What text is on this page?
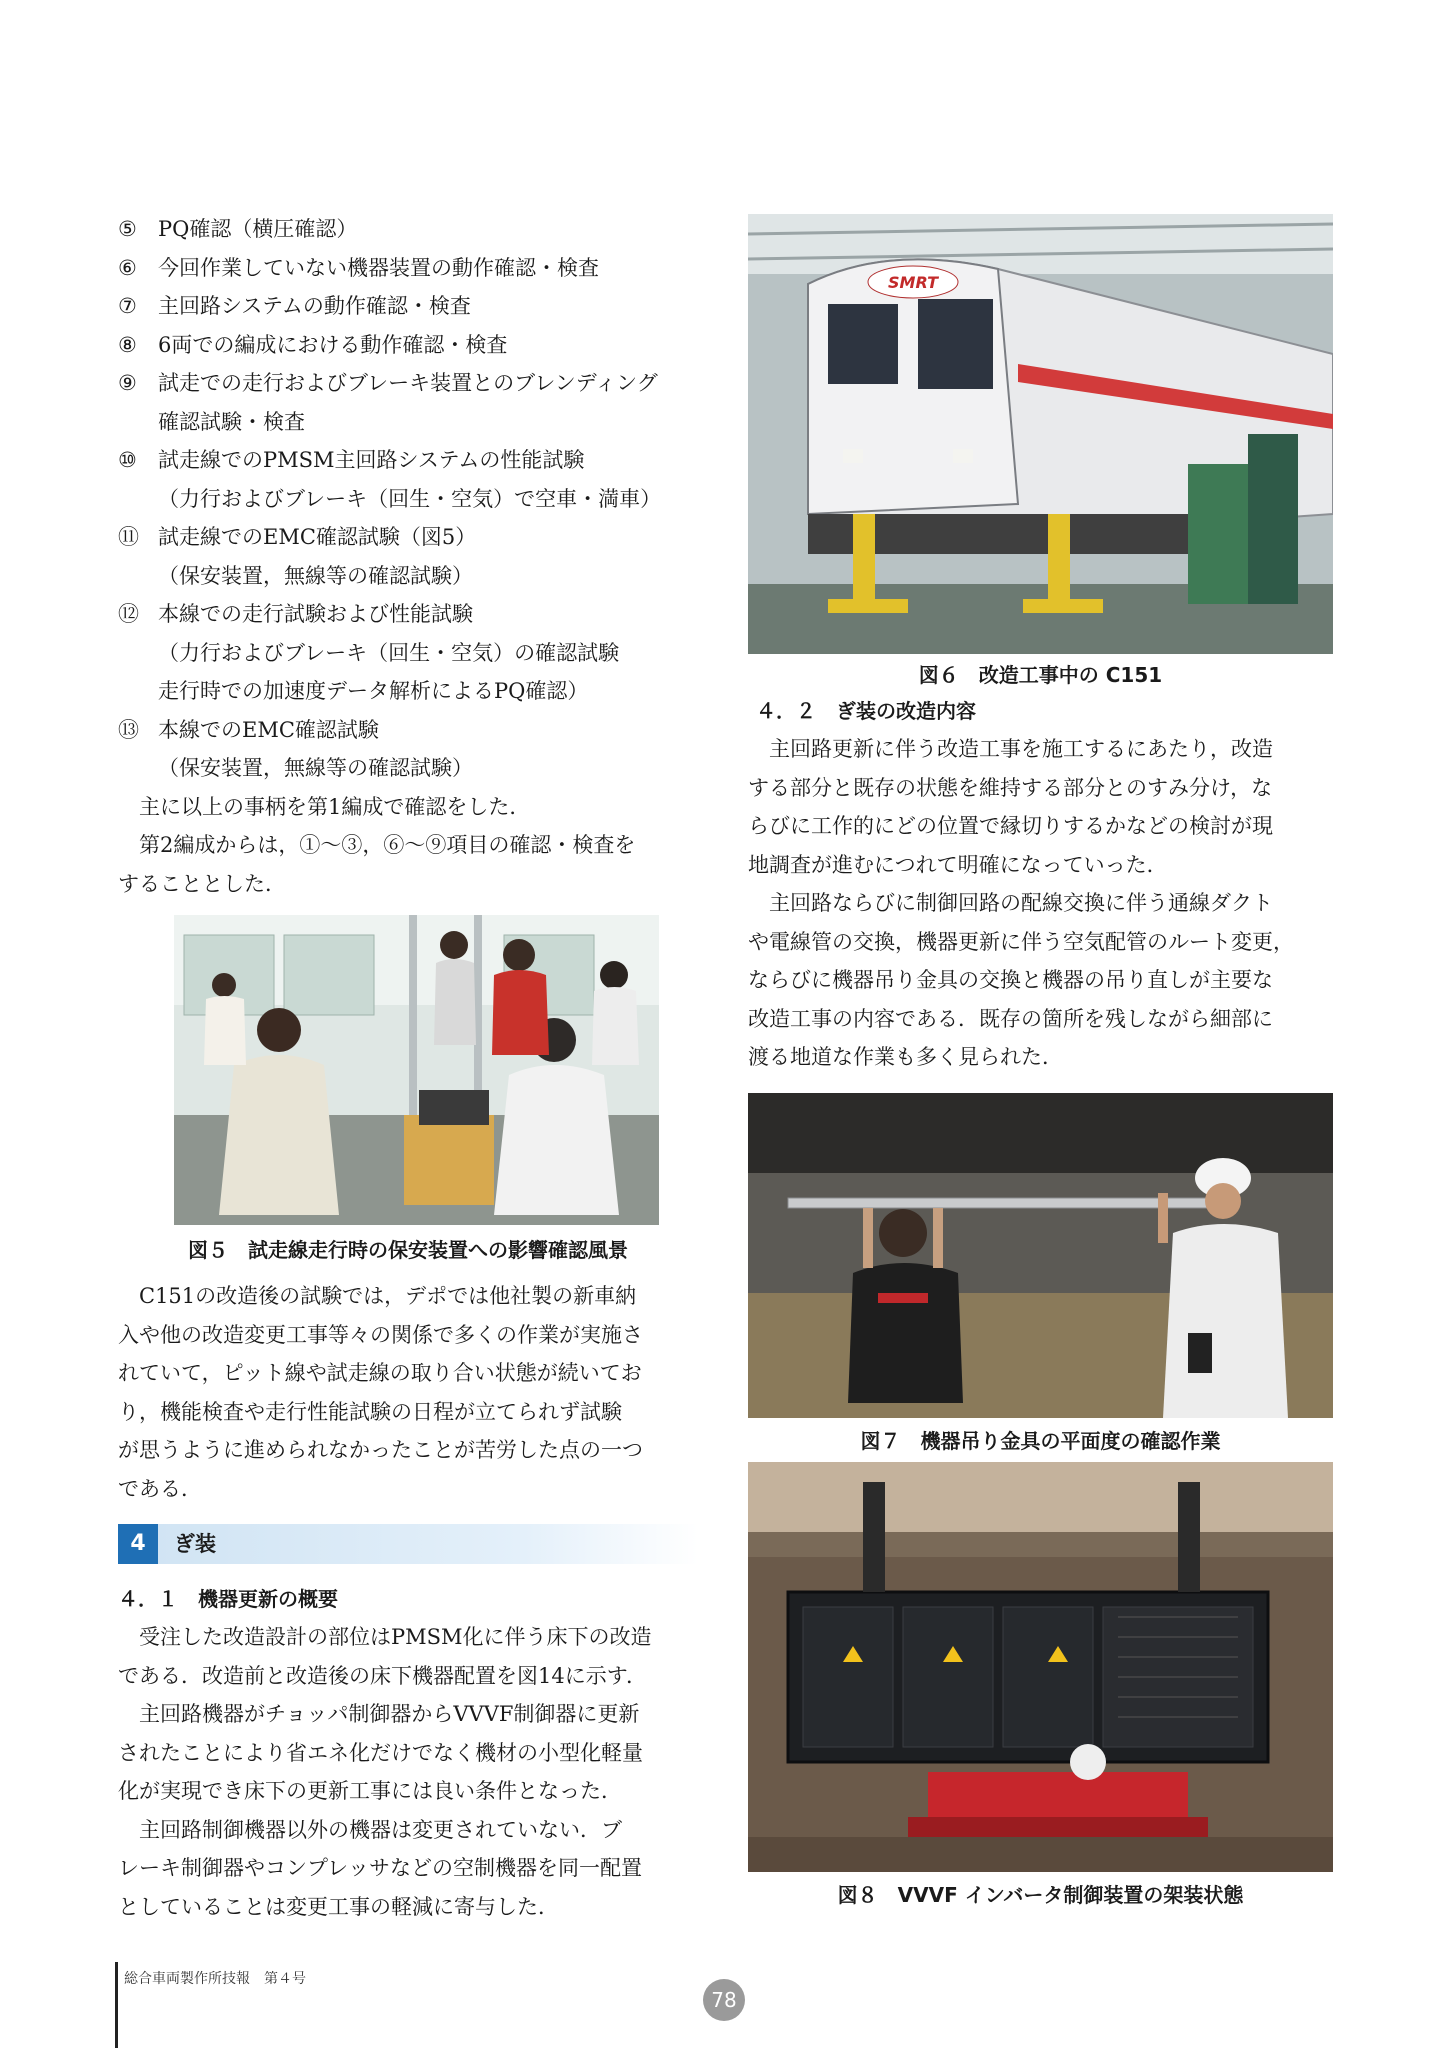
⑤ PQ確認（横圧確認）
⑥ 今回作業していない機器装置の動作確認・検査
⑦ 主回路システムの動作確認・検査
⑧ 6両での編成における動作確認・検査
⑨ 試走での走行およびブレーキ装置とのブレンディング
確認試験・検査
⑩ 試走線でのPMSM主回路システムの性能試験
（力行およびブレーキ（回生・空気）で空車・満車）
⑪ 試走線でのEMC確認試験（図5）
（保安装置，無線等の確認試験）
⑫ 本線での走行試験および性能試験
（力行およびブレーキ（回生・空気）の確認試験
走行時での加速度データ解析によるPQ確認）
⑬ 本線でのEMC確認試験
（保安装置，無線等の確認試験）
主に以上の事柄を第1編成で確認をした．
第2編成からは，①〜③，⑥〜⑨項目の確認・検査を
することとした．
図５　試走線走行時の保安装置への影響確認風景
C151の改造後の試験では，デポでは他社製の新車納
入や他の改造変更工事等々の関係で多くの作業が実施さ
れていて，ピット線や試走線の取り合い状態が続いてお
り，機能検査や走行性能試験の日程が立てられず試験
が思うように進められなかったことが苦労した点の一つ
である．
4	ぎ装
４．１　機器更新の概要
受注した改造設計の部位はPMSM化に伴う床下の改造
である．改造前と改造後の床下機器配置を図14に示す．
主回路機器がチョッパ制御器からVVVF制御器に更新
されたことにより省エネ化だけでなく機材の小型化軽量
化が実現でき床下の更新工事には良い条件となった．
主回路制御機器以外の機器は変更されていない．ブ
レーキ制御器やコンプレッサなどの空制機器を同一配置
としていることは変更工事の軽減に寄与した．
SMRT
図６　改造工事中の C151
４．２　ぎ装の改造内容
主回路更新に伴う改造工事を施工するにあたり，改造
する部分と既存の状態を維持する部分とのすみ分け，な
らびに工作的にどの位置で縁切りするかなどの検討が現
地調査が進むにつれて明確になっていった．
主回路ならびに制御回路の配線交換に伴う通線ダクト
や電線管の交換，機器更新に伴う空気配管のルート変更，
ならびに機器吊り金具の交換と機器の吊り直しが主要な
改造工事の内容である．既存の箇所を残しながら細部に
渡る地道な作業も多く見られた．
図７　機器吊り金具の平面度の確認作業
図８　VVVF インバータ制御装置の架装状態
総合車両製作所技報　第４号
78
